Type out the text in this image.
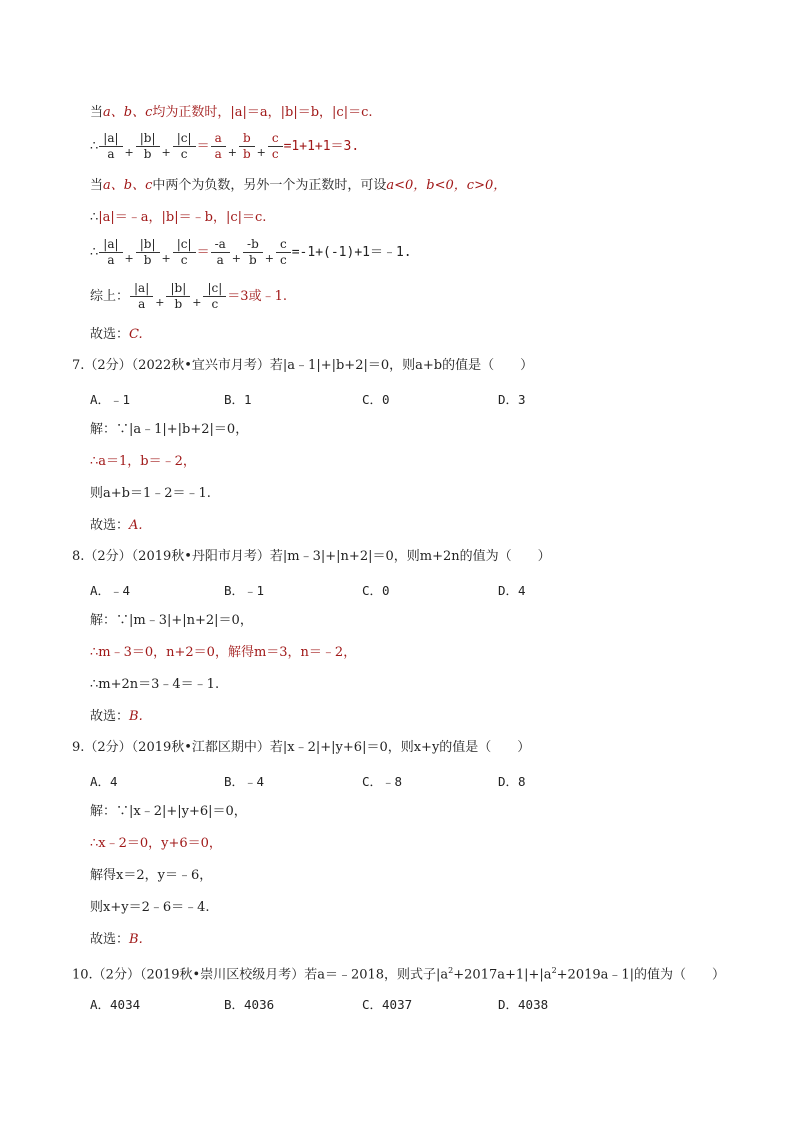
当a、b、c均为正数时，|a|＝a，|b|＝b，|c|＝c.
∴ $\frac{|a|}{a} + \frac{|b|}{b} + \frac{|c|}{c} = \frac{a}{a} + \frac{b}{b} + \frac{c}{c} =1+1+1=3$.
当a、b、c中两个为负数，另外一个为正数时，可设a<0，b<0，c>0，
∴|a|＝﹣a，|b|＝﹣b，|c|＝c.
∴ $\frac{|a|}{a} + \frac{|b|}{b} + \frac{|c|}{c} = \frac{-a}{a} + \frac{-b}{b} + \frac{c}{c}$ =-1+(-1)+1＝﹣1.
综上： $\frac{|a|}{a} + \frac{|b|}{b} + \frac{|c|}{c} =3$或﹣1.
故选：C.
7.（2分）（2022秋•宜兴市月考）若|a﹣1|+|b+2|＝0，则a+b的值是（　　）
A．﹣1	B．1	C．0	D．3
解：∵|a﹣1|+|b+2|＝0，
∴a＝1，b＝﹣2，
则a+b＝1﹣2＝﹣1.
故选：A.
8.（2分）（2019秋•丹阳市月考）若|m﹣3|+|n+2|＝0，则m+2n的值为（　　）
A．﹣4	B．﹣1	C．0	D．4
解：∵|m﹣3|+|n+2|＝0，
∴m﹣3＝0，n+2＝0，解得m＝3，n＝﹣2，
∴m+2n＝3﹣4＝﹣1.
故选：B.
9.（2分）（2019秋•江都区期中）若|x﹣2|+|y+6|＝0，则x+y的值是（　　）
A．4	B．﹣4	C．﹣8	D．8
解：∵|x﹣2|+|y+6|＝0，
∴x﹣2＝0，y+6＝0，
解得x＝2，y＝﹣6，
则x+y＝2﹣6＝﹣4.
故选：B.
10.（2分）（2019秋•崇川区校级月考）若a＝﹣2018，则式子$|a^2+2017a+1|+|a^2+2019a﹣1|$的值为（　　）
A．4034	B．4036	C．4037	D．4038
